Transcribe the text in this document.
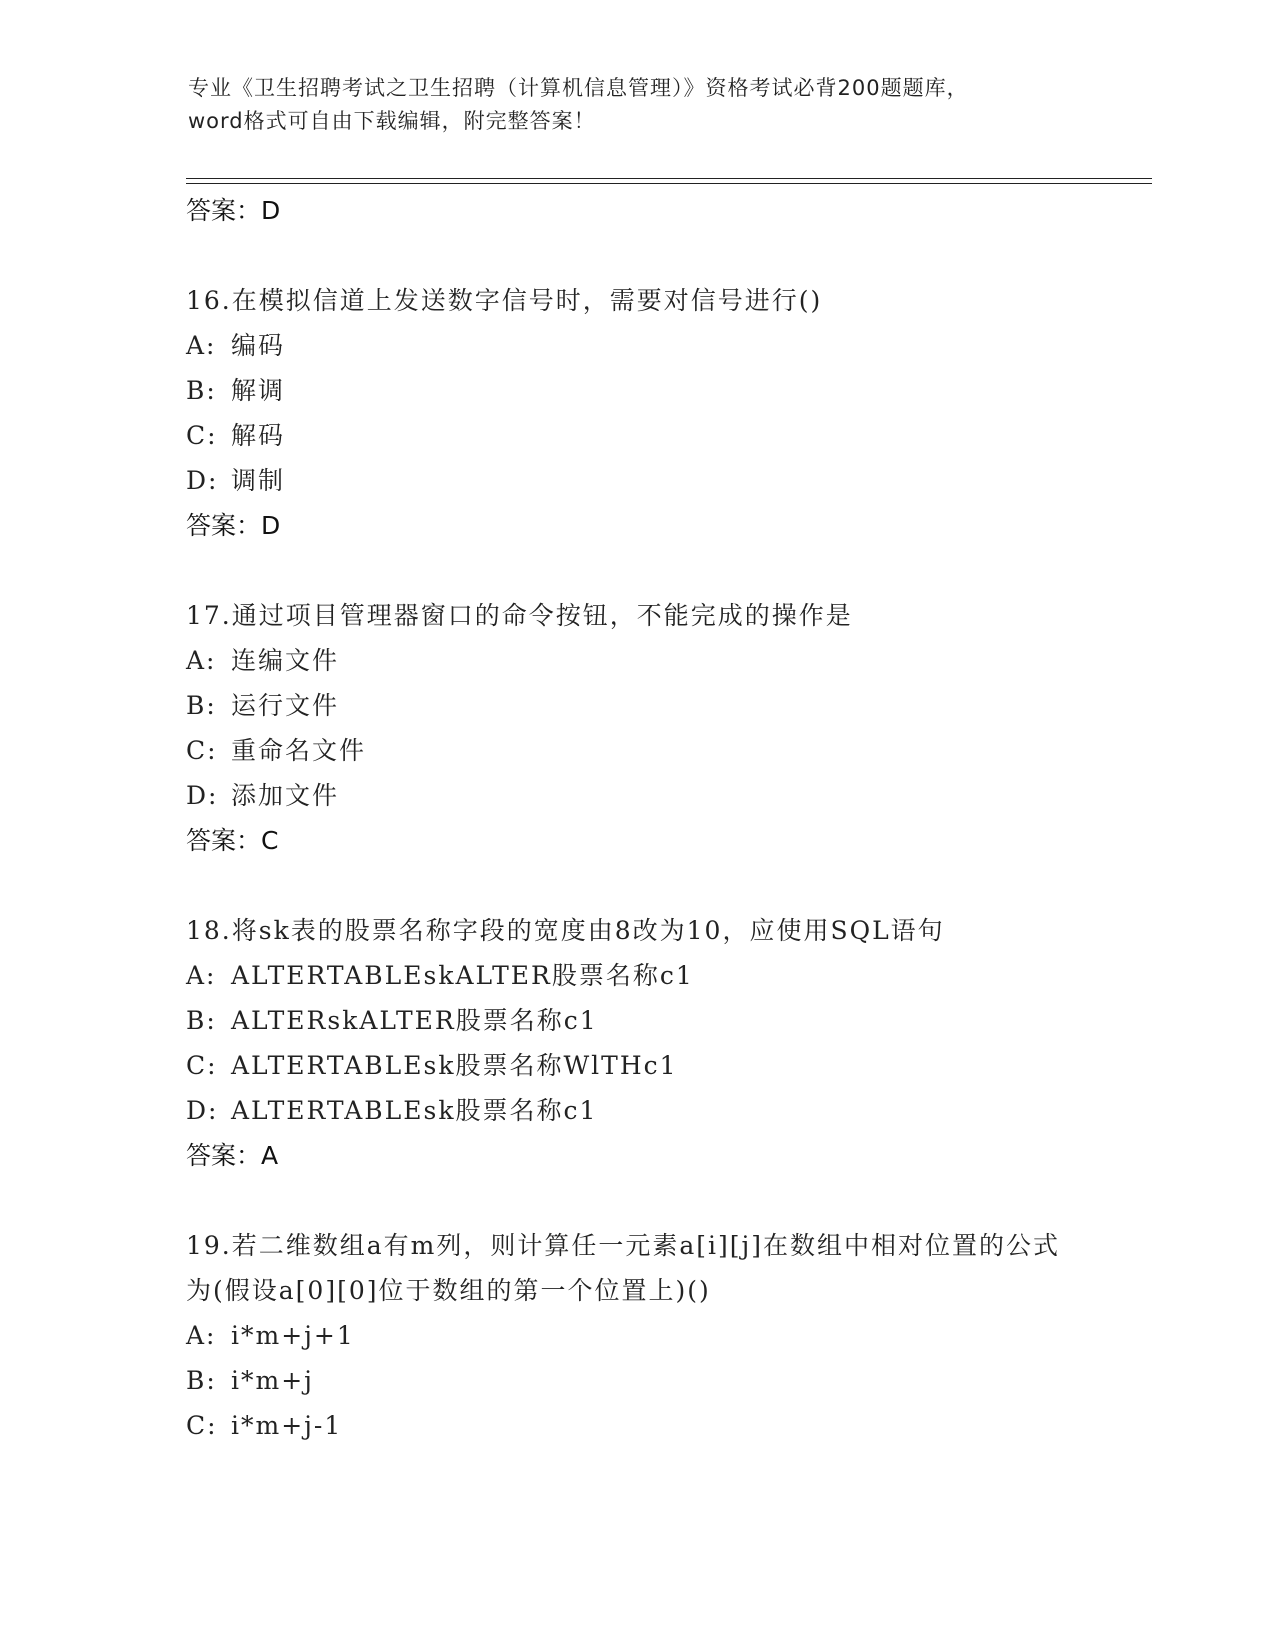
专业《卫生招聘考试之卫生招聘（计算机信息管理）》资格考试必背200题题库，
word格式可自由下载编辑，附完整答案！
答案：D
16.在模拟信道上发送数字信号时，需要对信号进行()
A: 编码
B: 解调
C: 解码
D: 调制
答案：D
17.通过项目管理器窗口的命令按钮，不能完成的操作是
A: 连编文件
B: 运行文件
C: 重命名文件
D: 添加文件
答案：C
18.将sk表的股票名称字段的宽度由8改为10，应使用SQL语句
A: ALTERTABLEskALTER股票名称c1
B: ALTERskALTER股票名称c1
C: ALTERTABLEsk股票名称WlTHc1
D: ALTERTABLEsk股票名称c1
答案：A
19.若二维数组a有m列，则计算任一元素a[i][j]在数组中相对位置的公式为(假设a[0][0]位于数组的第一个位置上)()
A: i*m+j+1
B: i*m+j
C: i*m+j-1
